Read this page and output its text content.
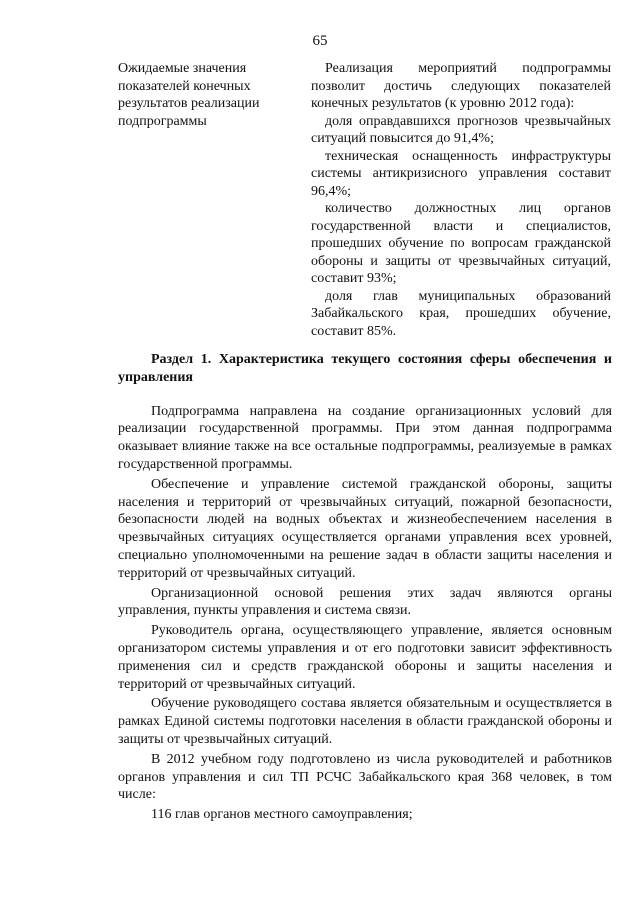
65
Ожидаемые значения
показателей конечных
результатов реализации
подпрограммы

Реализация мероприятий подпрограммы позволит достичь следующих показателей конечных результатов (к уровню 2012 года):

доля оправдавшихся прогнозов чрезвычайных ситуаций повысится до 91,4%;

техническая оснащенность инфраструктуры системы антикризисного управления составит 96,4%;

количество должностных лиц органов государственной власти и специалистов, прошедших обучение по вопросам гражданской обороны и защиты от чрезвычайных ситуаций, составит 93%;

доля глав муниципальных образований Забайкальского края, прошедших обучение, составит 85%.

Раздел 1. Характеристика текущего состояния сферы обеспечения и управления

Подпрограмма направлена на создание организационных условий для реализации государственной программы. При этом данная подпрограмма оказывает влияние также на все остальные подпрограммы, реализуемые в рамках государственной программы.

Обеспечение и управление системой гражданской обороны, защиты населения и территорий от чрезвычайных ситуаций, пожарной безопасности, безопасности людей на водных объектах и жизнеобеспечением населения в чрезвычайных ситуациях осуществляется органами управления всех уровней, специально уполномоченными на решение задач в области защиты населения и территорий от чрезвычайных ситуаций.

Организационной основой решения этих задач являются органы управления, пункты управления и система связи.

Руководитель органа, осуществляющего управление, является основным организатором системы управления и от его подготовки зависит эффективность применения сил и средств гражданской обороны и защиты населения и территорий от чрезвычайных ситуаций.

Обучение руководящего состава является обязательным и осуществляется в рамках Единой системы подготовки населения в области гражданской обороны и защиты от чрезвычайных ситуаций.

В 2012 учебном году подготовлено из числа руководителей и работников органов управления и сил ТП РСЧС Забайкальского края 368 человек, в том числе:

116 глав органов местного самоуправления;
